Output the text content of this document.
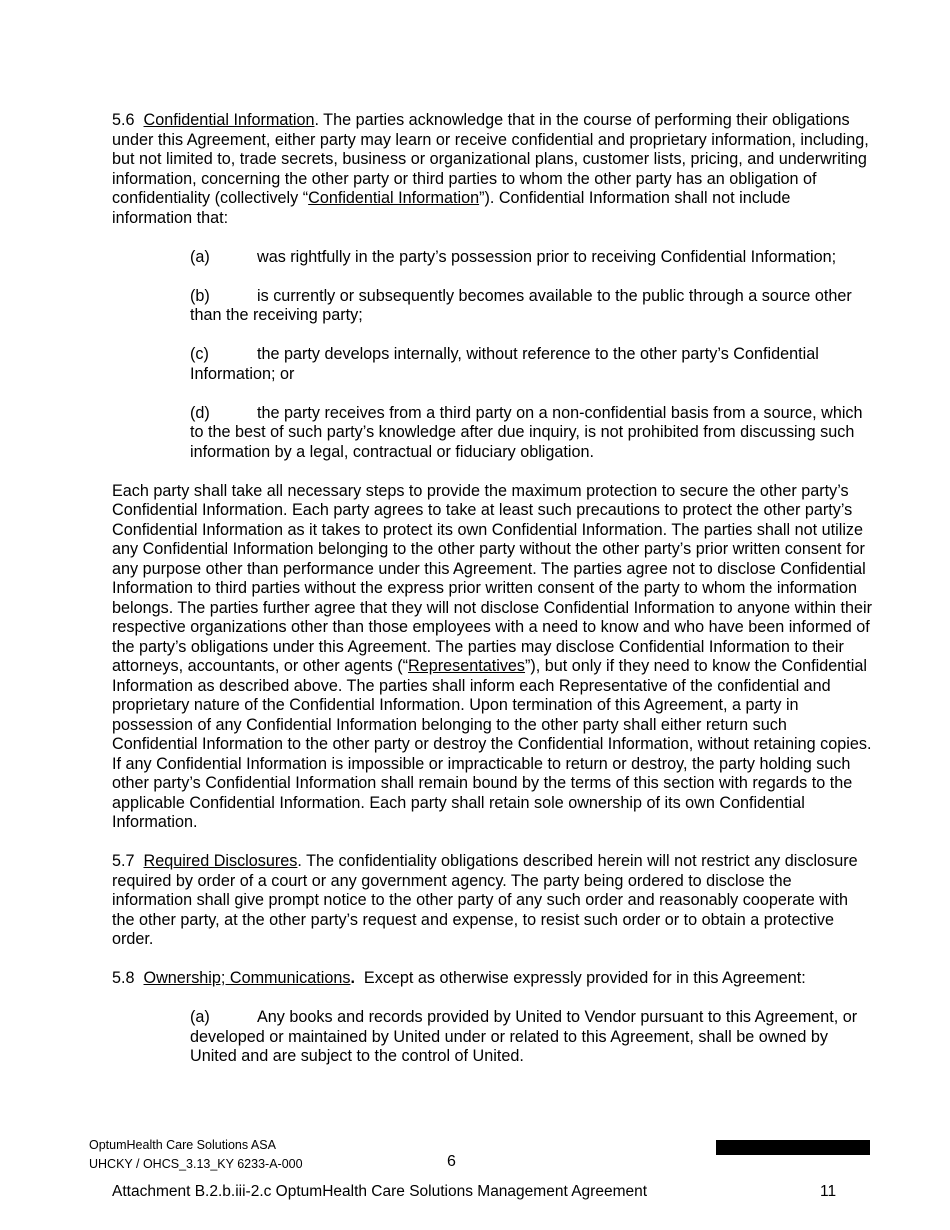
5.6 Confidential Information. The parties acknowledge that in the course of performing their obligations under this Agreement, either party may learn or receive confidential and proprietary information, including, but not limited to, trade secrets, business or organizational plans, customer lists, pricing, and underwriting information, concerning the other party or third parties to whom the other party has an obligation of confidentiality (collectively “Confidential Information”). Confidential Information shall not include information that:

(a)	was rightfully in the party’s possession prior to receiving Confidential Information;

(b)	is currently or subsequently becomes available to the public through a source other than the receiving party;

(c)	the party develops internally, without reference to the other party’s Confidential Information; or

(d)	the party receives from a third party on a non-confidential basis from a source, which to the best of such party’s knowledge after due inquiry, is not prohibited from discussing such information by a legal, contractual or fiduciary obligation.

Each party shall take all necessary steps to provide the maximum protection to secure the other party’s Confidential Information. Each party agrees to take at least such precautions to protect the other party’s Confidential Information as it takes to protect its own Confidential Information. The parties shall not utilize any Confidential Information belonging to the other party without the other party’s prior written consent for any purpose other than performance under this Agreement. The parties agree not to disclose Confidential Information to third parties without the express prior written consent of the party to whom the information belongs. The parties further agree that they will not disclose Confidential Information to anyone within their respective organizations other than those employees with a need to know and who have been informed of the party’s obligations under this Agreement. The parties may disclose Confidential Information to their attorneys, accountants, or other agents (“Representatives”), but only if they need to know the Confidential Information as described above. The parties shall inform each Representative of the confidential and proprietary nature of the Confidential Information. Upon termination of this Agreement, a party in possession of any Confidential Information belonging to the other party shall either return such Confidential Information to the other party or destroy the Confidential Information, without retaining copies. If any Confidential Information is impossible or impracticable to return or destroy, the party holding such other party’s Confidential Information shall remain bound by the terms of this section with regards to the applicable Confidential Information. Each party shall retain sole ownership of its own Confidential Information.

5.7 Required Disclosures. The confidentiality obligations described herein will not restrict any disclosure required by order of a court or any government agency. The party being ordered to disclose the information shall give prompt notice to the other party of any such order and reasonably cooperate with the other party, at the other party’s request and expense, to resist such order or to obtain a protective order.

5.8 Ownership; Communications.  Except as otherwise expressly provided for in this Agreement:

(a)	Any books and records provided by United to Vendor pursuant to this Agreement, or developed or maintained by United under or related to this Agreement, shall be owned by United and are subject to the control of United.

OptumHealth Care Solutions ASA
UHCKY / OHCS_3.13_KY 6233-A-000	6
Attachment B.2.b.iii-2.c OptumHealth Care Solutions Management Agreement	11
